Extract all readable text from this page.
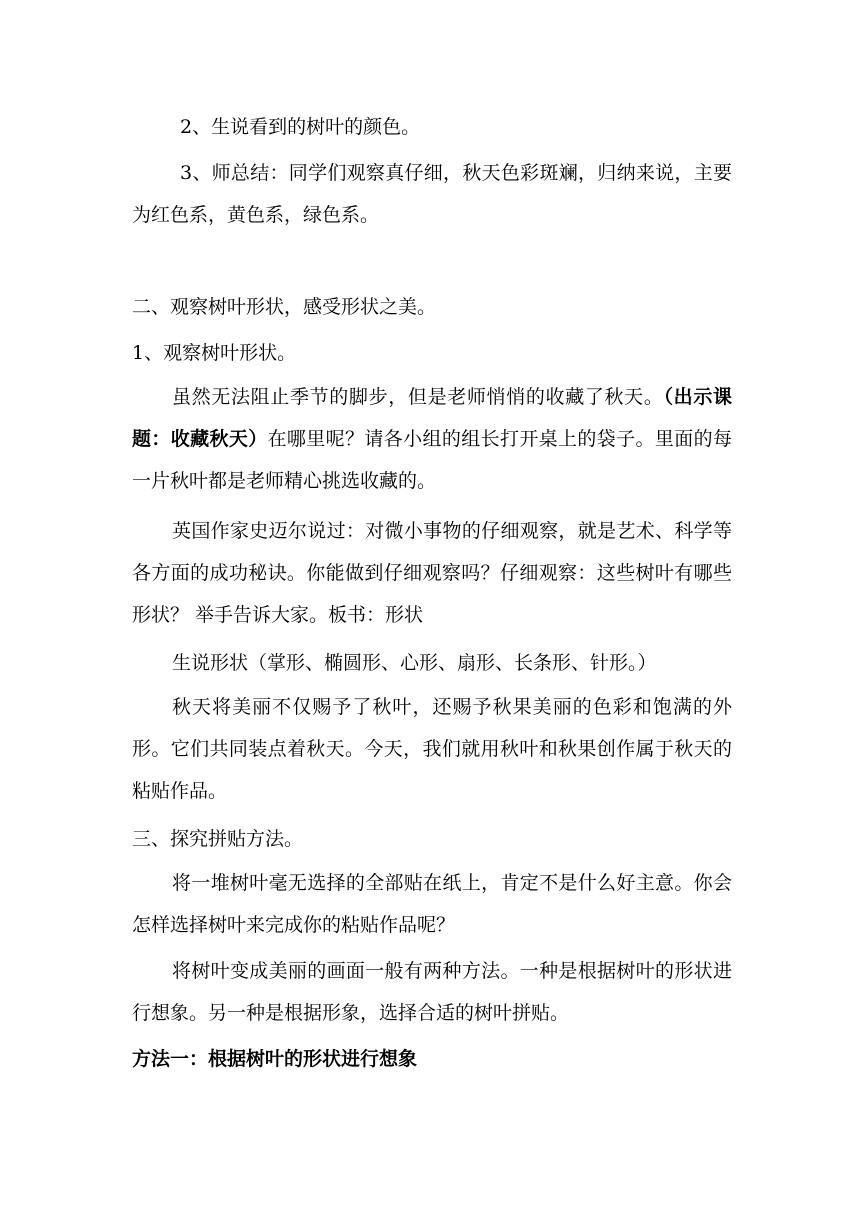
2、生说看到的树叶的颜色。
3、师总结：同学们观察真仔细，秋天色彩斑斓，归纳来说，主要为红色系，黄色系，绿色系。
二、观察树叶形状，感受形状之美。
1、观察树叶形状。
虽然无法阻止季节的脚步，但是老师悄悄的收藏了秋天。（出示课题：收藏秋天）在哪里呢？请各小组的组长打开桌上的袋子。里面的每一片秋叶都是老师精心挑选收藏的。
英国作家史迈尔说过：对微小事物的仔细观察，就是艺术、科学等各方面的成功秘诀。你能做到仔细观察吗？仔细观察：这些树叶有哪些形状？ 举手告诉大家。板书：形状
生说形状（掌形、椭圆形、心形、扇形、长条形、针形。）
秋天将美丽不仅赐予了秋叶，还赐予秋果美丽的色彩和饱满的外形。它们共同装点着秋天。今天，我们就用秋叶和秋果创作属于秋天的粘贴作品。
三、探究拼贴方法。
将一堆树叶毫无选择的全部贴在纸上，肯定不是什么好主意。你会怎样选择树叶来完成你的粘贴作品呢？
将树叶变成美丽的画面一般有两种方法。一种是根据树叶的形状进行想象。另一种是根据形象，选择合适的树叶拼贴。
方法一：根据树叶的形状进行想象
